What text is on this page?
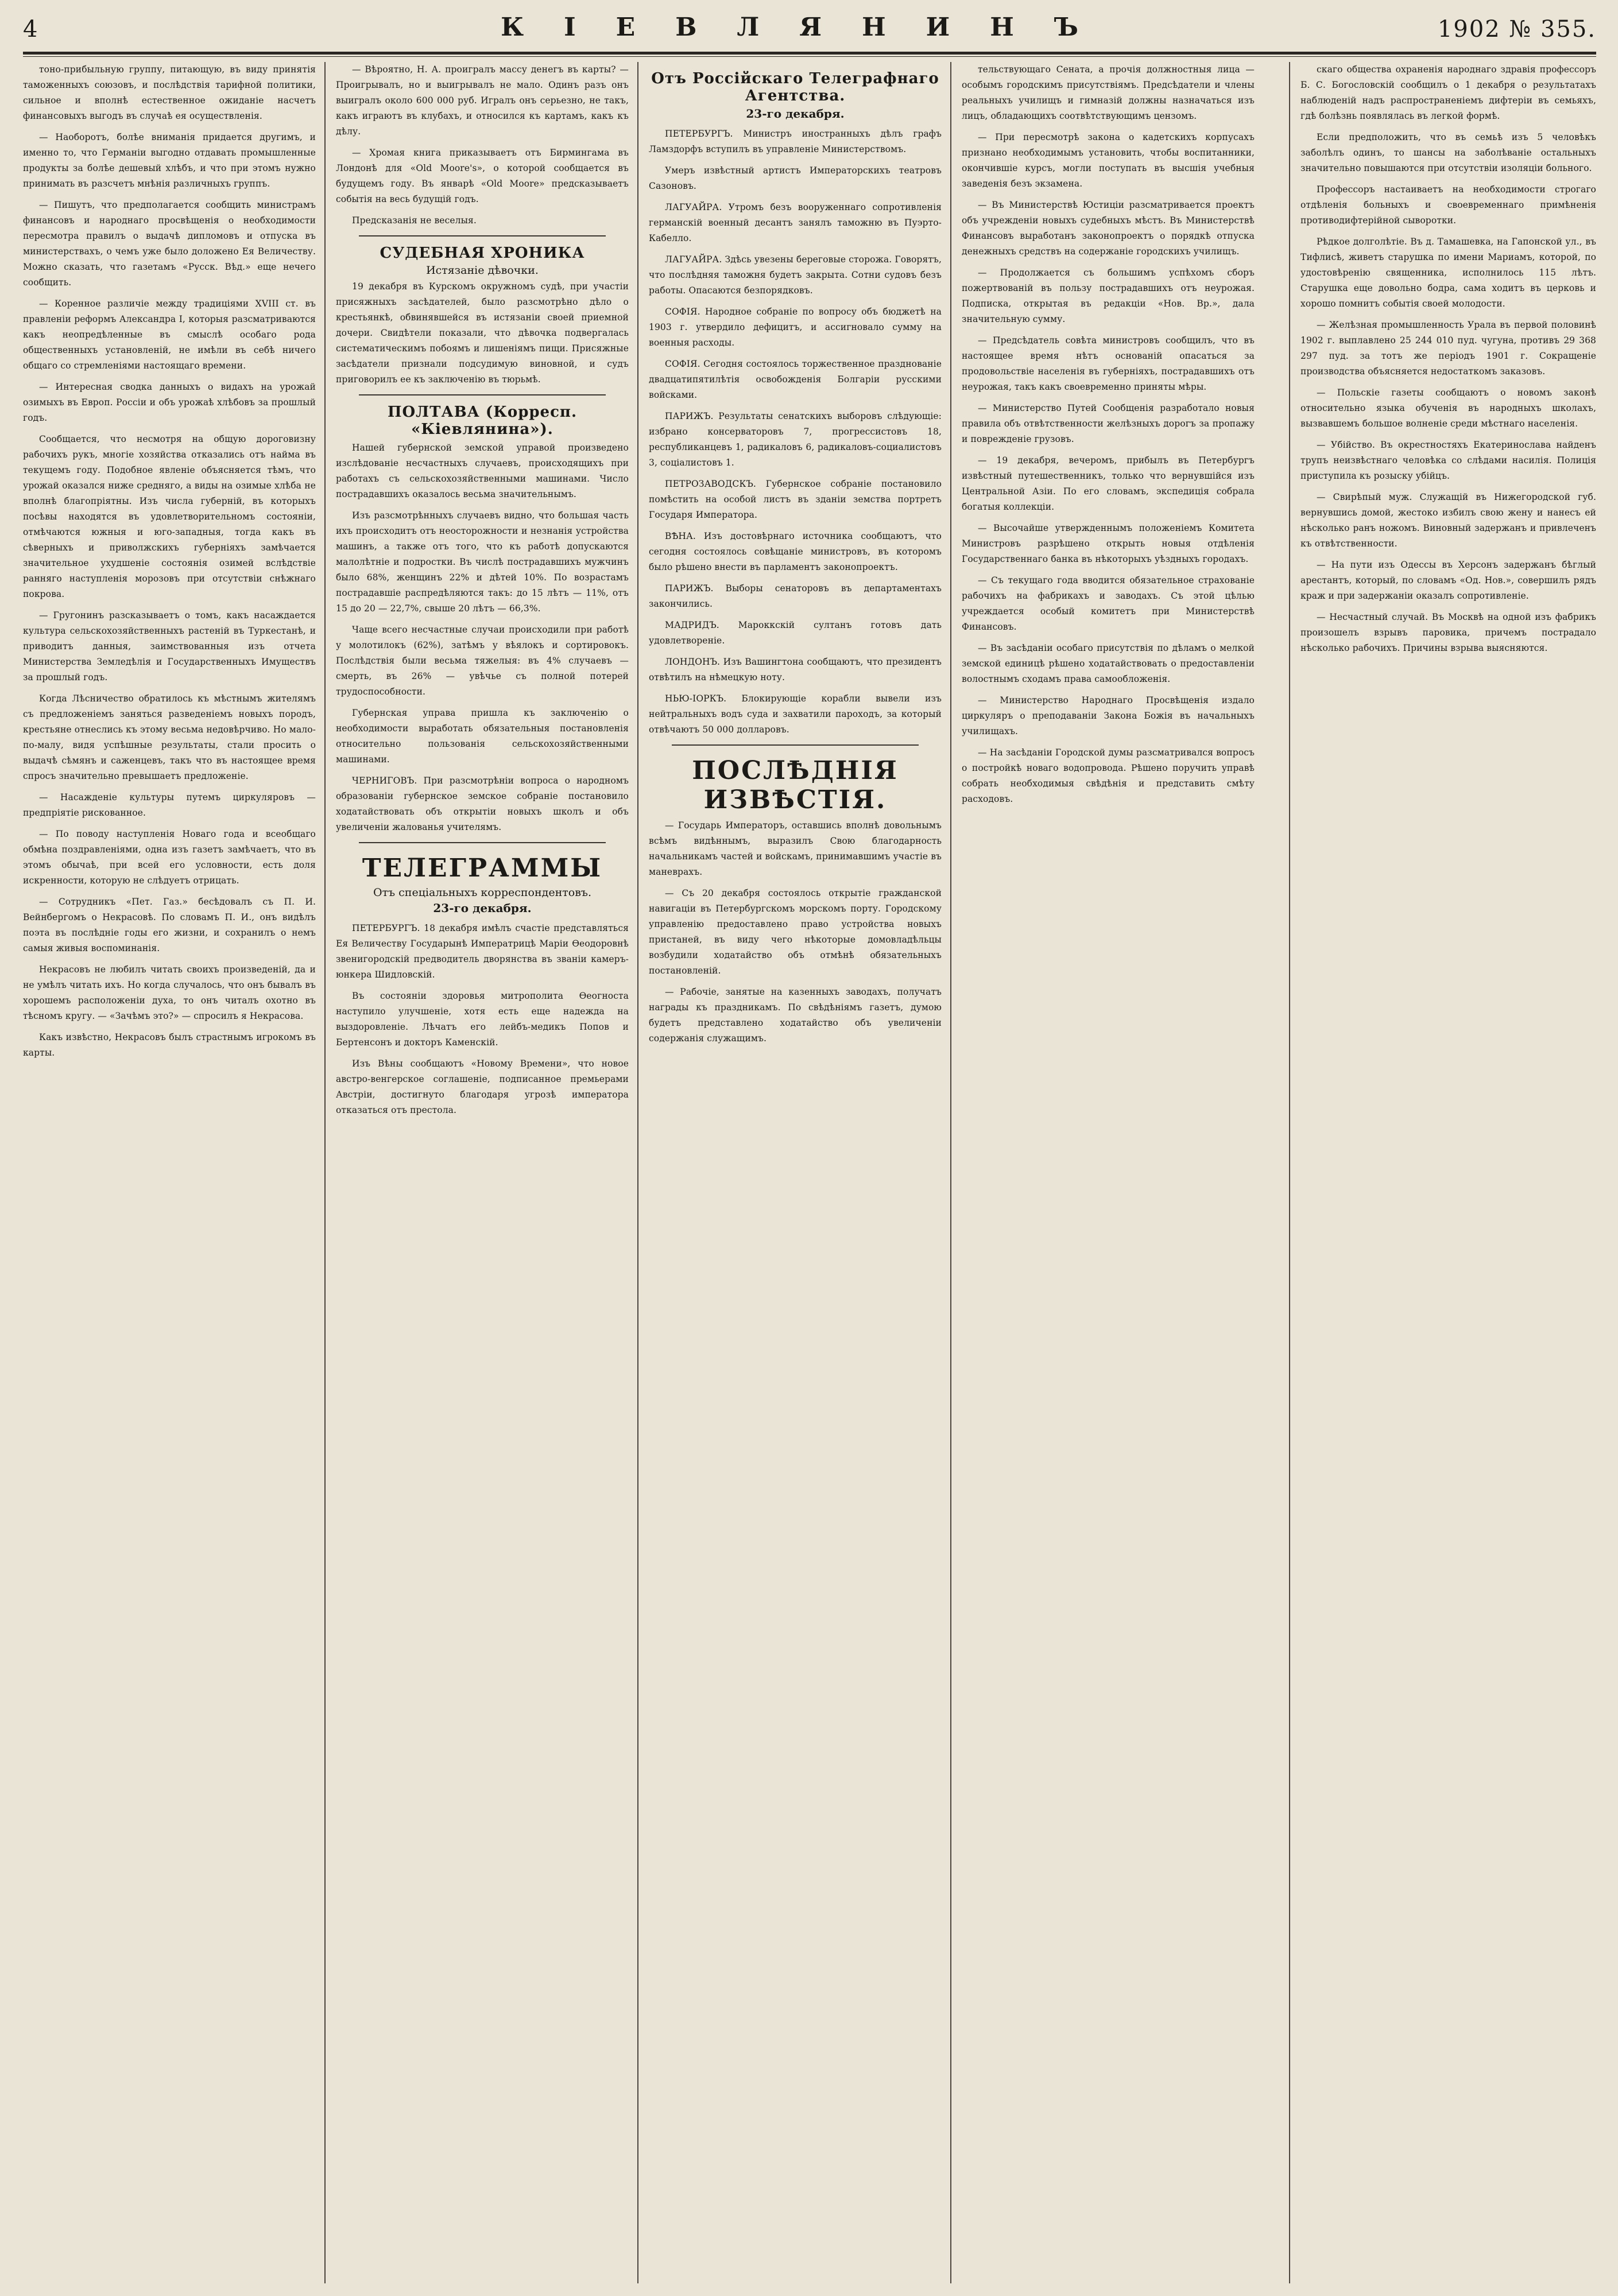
4	КІЕВЛЯНИНЪ	1902 № 355.

тоно-прибыльную группу, питающую, въ виду принятія таможенныхъ союзовъ, и послѣдствія тарифной политики, сильное и вполнѣ естественное ожиданіе насчетъ финансовыхъ выгодъ въ случаѣ ея осуществленія.

— Наоборотъ, болѣе вниманія придается другимъ, и именно то, что Германіи выгодно отдавать промышленные продукты за болѣе дешевый хлѣбъ, и что при этомъ нужно принимать въ разсчетъ мнѣнія различныхъ группъ.

— Пишутъ, что предполагается сообщить министрамъ финансовъ и народнаго просвѣщенія о необходимости пересмотра правилъ о выдачѣ дипломовъ и отпуска въ министерствахъ, о чемъ уже было доложено Ея Величеству. Можно сказать, что газетамъ «Русск. Вѣд.» еще нечего сообщить.

— Коренное различіе между традиціями XVIII ст. въ правленіи реформъ Александра I, которыя разсматриваются какъ неопредѣленные въ смыслѣ особаго рода общественныхъ установленій, не имѣли въ себѣ ничего общаго со стремленіями настоящаго времени.

— Интересная сводка данныхъ о видахъ на урожай озимыхъ въ Европ. Россіи и объ урожаѣ хлѣбовъ за прошлый годъ.

Сообщается, что несмотря на общую дороговизну рабочихъ рукъ, многіе хозяйства отказались отъ найма въ текущемъ году. Подобное явленіе объясняется тѣмъ, что урожай оказался ниже средняго, а виды на озимые хлѣба не вполнѣ благопріятны. Изъ числа губерній, въ которыхъ посѣвы находятся въ удовлетворительномъ состояніи, отмѣчаются южныя и юго-западныя, тогда какъ въ сѣверныхъ и приволжскихъ губерніяхъ замѣчается значительное ухудшеніе состоянія озимей вслѣдствіе ранняго наступленія морозовъ при отсутствіи снѣжнаго покрова.

— Гругонинъ разсказываетъ о томъ, какъ насаждается культура сельскохозяйственныхъ растеній въ Туркестанѣ, и приводитъ данныя, заимствованныя изъ отчета Министерства Земледѣлія и Государственныхъ Имуществъ за прошлый годъ.

Когда Лѣсничество обратилось къ мѣстнымъ жителямъ съ предложеніемъ заняться разведеніемъ новыхъ породъ, крестьяне отнеслись къ этому весьма недовѣрчиво. Но мало-по-малу, видя успѣшные результаты, стали просить о выдачѣ сѣмянъ и саженцевъ, такъ что въ настоящее время спросъ значительно превышаетъ предложеніе.

— Насажденіе культуры путемъ циркуляровъ — предпріятіе рискованное.

— По поводу наступленія Новаго года и всеобщаго обмѣна поздравленіями, одна изъ газетъ замѣчаетъ, что въ этомъ обычаѣ, при всей его условности, есть доля искренности, которую не слѣдуетъ отрицать.

— Сотрудникъ «Пет. Газ.» бесѣдовалъ съ П. И. Вейнбергомъ о Некрасовѣ. По словамъ П. И., онъ видѣлъ поэта въ послѣдніе годы его жизни, и сохранилъ о немъ самыя живыя воспоминанія.

Некрасовъ не любилъ читать своихъ произведеній, да и не умѣлъ читать ихъ. Но когда случалось, что онъ бывалъ въ хорошемъ расположеніи духа, то онъ читалъ охотно въ тѣсномъ кругу. — «Зачѣмъ это?» — спросилъ я Некрасова.

Какъ извѣстно, Некрасовъ былъ страстнымъ игрокомъ въ карты.

— Вѣроятно, Н. А. проигралъ массу денегъ въ карты? — Проигрывалъ, но и выигрывалъ не мало. Одинъ разъ онъ выигралъ около 600 000 руб. Игралъ онъ серьезно, не такъ, какъ играютъ въ клубахъ, и относился къ картамъ, какъ къ дѣлу.

— Хромая книга приказываетъ отъ Бирмингама въ Лондонѣ для «Old Moore's», о которой сообщается въ будущемъ году. Въ январѣ «Old Moore» предсказываетъ событія на весь будущій годъ.

Предсказанія не веселыя.

СУДЕБНАЯ ХРОНИКА
Истязаніе дѣвочки.

19 декабря въ Курскомъ окружномъ судѣ, при участіи присяжныхъ засѣдателей, было разсмотрѣно дѣло о крестьянкѣ, обвинявшейся въ истязаніи своей приемной дочери. Свидѣтели показали, что дѣвочка подвергалась систематическимъ побоямъ и лишеніямъ пищи. Присяжные засѣдатели признали подсудимую виновной, и судъ приговорилъ ее къ заключенію въ тюрьмѣ.

ПОЛТАВА (Корресп. «Кіевлянина»).

Нашей губернской земской управой произведено изслѣдованіе несчастныхъ случаевъ, происходящихъ при работахъ съ сельскохозяйственными машинами. Число пострадавшихъ оказалось весьма значительнымъ.

Изъ разсмотрѣнныхъ случаевъ видно, что большая часть ихъ происходитъ отъ неосторожности и незнанія устройства машинъ, а также отъ того, что къ работѣ допускаются малолѣтніе и подростки. Въ числѣ пострадавшихъ мужчинъ было 68%, женщинъ 22% и дѣтей 10%. По возрастамъ пострадавшіе распредѣляются такъ: до 15 лѣтъ — 11%, отъ 15 до 20 — 22,7%, свыше 20 лѣтъ — 66,3%.

Чаще всего несчастные случаи происходили при работѣ у молотилокъ (62%), затѣмъ у вѣялокъ и сортировокъ. Послѣдствія были весьма тяжелыя: въ 4% случаевъ — смерть, въ 26% — увѣчье съ полной потерей трудоспособности.

Губернская управа пришла къ заключенію о необходимости выработать обязательныя постановленія относительно пользованія сельскохозяйственными машинами.

ЧЕРНИГОВЪ. При разсмотрѣніи вопроса о народномъ образованіи губернское земское собраніе постановило ходатайствовать объ открытіи новыхъ школъ и объ увеличеніи жалованья учителямъ.

ТЕЛЕГРАММЫ
Отъ спеціальныхъ корреспондентовъ.
23-го декабря.

ПЕТЕРБУРГЪ. 18 декабря имѣлъ счастіе представляться Ея Величеству Государынѣ Императрицѣ Маріи Ѳеодоровнѣ звенигородскій предводитель дворянства въ званіи камеръ-юнкера Шидловскій.

Въ состояніи здоровья митрополита Ѳеогноста наступило улучшеніе, хотя есть еще надежда на выздоровленіе. Лѣчатъ его лейбъ-медикъ Попов и Бертенсонъ и докторъ Каменскій.

Изъ Вѣны сообщаютъ «Новому Времени», что новое австро-венгерское соглашеніе, подписанное премьерами Австріи, достигнуто благодаря угрозѣ императора отказаться отъ престола.

Отъ Россійскаго Телеграфнаго Агентства.
23-го декабря.

ПЕТЕРБУРГЪ. Министръ иностранныхъ дѣлъ графъ Ламздорфъ вступилъ въ управленіе Министерствомъ.

Умеръ извѣстный артистъ Императорскихъ театровъ Сазоновъ.

ЛАГУАЙРА. Утромъ безъ вооруженнаго сопротивленія германскій военный десантъ занялъ таможню въ Пуэрто-Кабелло.

ЛАГУАЙРА. Здѣсь увезены береговые сторожа. Говорятъ, что послѣдняя таможня будетъ закрыта. Сотни судовъ безъ работы. Опасаются безпорядковъ.

СОФІЯ. Народное собраніе по вопросу объ бюджетѣ на 1903 г. утвердило дефицитъ, и ассигновало сумму на военныя расходы.

СОФІЯ. Сегодня состоялось торжественное празднованіе двадцатипятилѣтія освобожденія Болгаріи русскими войсками.

ПАРИЖЪ. Результаты сенатскихъ выборовъ слѣдующіе: избрано консерваторовъ 7, прогрессистовъ 18, республиканцевъ 1, радикаловъ 6, радикаловъ-социалистовъ 3, соціалистовъ 1.

ПЕТРОЗАВОДСКЪ. Губернское собраніе постановило помѣстить на особой листъ въ зданіи земства портретъ Государя Императора.

ВѢНА. Изъ достовѣрнаго источника сообщаютъ, что сегодня состоялось совѣщаніе министровъ, въ которомъ было рѣшено внести въ парламентъ законопроектъ.

ПАРИЖЪ. Выборы сенаторовъ въ департаментахъ закончились.

МАДРИДЪ. Мароккскій султанъ готовъ дать удовлетвореніе.

ЛОНДОНЪ. Изъ Вашингтона сообщаютъ, что президентъ отвѣтилъ на нѣмецкую ноту.

НЬЮ-ІОРКЪ. Блокирующіе корабли вывели изъ нейтральныхъ водъ суда и захватили пароходъ, за который отвѣчаютъ 50 000 долларовъ.

ПОСЛѢДНІЯ ИЗВѢСТІЯ.

— Государь Императоръ, оставшись вполнѣ довольнымъ всѣмъ видѣннымъ, выразилъ Свою благодарность начальникамъ частей и войскамъ, принимавшимъ участіе въ маневрахъ.

— Съ 20 декабря состоялось открытіе гражданской навигаціи въ Петербургскомъ морскомъ порту. Городскому управленію предоставлено право устройства новыхъ пристаней, въ виду чего нѣкоторые домовладѣльцы возбудили ходатайство объ отмѣнѣ обязательныхъ постановленій.

— Рабочіе, занятые на казенныхъ заводахъ, получатъ награды къ праздникамъ. По свѣдѣніямъ газетъ, думою будетъ представлено ходатайство объ увеличеніи содержанія служащимъ.

тельствующаго Сената, а прочія должностныя лица — особымъ городскимъ присутствіямъ. Предсѣдатели и члены реальныхъ училищъ и гимназій должны назначаться изъ лицъ, обладающихъ соотвѣтствующимъ цензомъ.

— При пересмотрѣ закона о кадетскихъ корпусахъ признано необходимымъ установить, чтобы воспитанники, окончившіе курсъ, могли поступать въ высшія учебныя заведенія безъ экзамена.

— Въ Министерствѣ Юстиціи разсматривается проектъ объ учрежденіи новыхъ судебныхъ мѣстъ. Въ Министерствѣ Финансовъ выработанъ законопроектъ о порядкѣ отпуска денежныхъ средствъ на содержаніе городскихъ училищъ.

— Продолжается съ большимъ успѣхомъ сборъ пожертвованій въ пользу пострадавшихъ отъ неурожая. Подписка, открытая въ редакціи «Нов. Вр.», дала значительную сумму.

— Предсѣдатель совѣта министровъ сообщилъ, что въ настоящее время нѣтъ основаній опасаться за продовольствіе населенія въ губерніяхъ, пострадавшихъ отъ неурожая, такъ какъ своевременно приняты мѣры.

— Министерство Путей Сообщенія разработало новыя правила объ отвѣтственности желѣзныхъ дорогъ за пропажу и поврежденіе грузовъ.

— 19 декабря, вечеромъ, прибылъ въ Петербургъ извѣстный путешественникъ, только что вернувшійся изъ Центральной Азіи. По его словамъ, экспедиція собрала богатыя коллекціи.

— Высочайше утвержденнымъ положеніемъ Комитета Министровъ разрѣшено открыть новыя отдѣленія Государственнаго банка въ нѣкоторыхъ уѣздныхъ городахъ.

— Съ текущаго года вводится обязательное страхованіе рабочихъ на фабрикахъ и заводахъ. Съ этой цѣлью учреждается особый комитетъ при Министерствѣ Финансовъ.

— Въ засѣданіи особаго присутствія по дѣламъ о мелкой земской единицѣ рѣшено ходатайствовать о предоставленіи волостнымъ сходамъ права самообложенія.

— Министерство Народнаго Просвѣщенія издало циркуляръ о преподаваніи Закона Божія въ начальныхъ училищахъ.

— На засѣданіи Городской думы разсматривался вопросъ о постройкѣ новаго водопровода. Рѣшено поручить управѣ собрать необходимыя свѣдѣнія и представить смѣту расходовъ.

скаго общества охраненія народнаго здравія профессоръ Б. С. Богословскій сообщилъ о 1 декабря о результатахъ наблюденій надъ распространеніемъ дифтеріи въ семьяхъ, гдѣ болѣзнь появлялась въ легкой формѣ.

Если предположить, что въ семьѣ изъ 5 человѣкъ заболѣлъ одинъ, то шансы на заболѣваніе остальныхъ значительно повышаются при отсутствіи изоляціи больного.

Профессоръ настаиваетъ на необходимости строгаго отдѣленія больныхъ и своевременнаго примѣненія противодифтерійной сыворотки.

Рѣдкое долголѣтіе. Въ д. Тамашевка, на Гапонской ул., въ Тифлисѣ, живетъ старушка по имени Мариамъ, которой, по удостовѣренію священника, исполнилось 115 лѣтъ. Старушка еще довольно бодра, сама ходитъ въ церковь и хорошо помнитъ событія своей молодости.

— Желѣзная промышленность Урала въ первой половинѣ 1902 г. выплавлено 25 244 010 пуд. чугуна, противъ 29 368 297 пуд. за тотъ же періодъ 1901 г. Сокращеніе производства объясняется недостаткомъ заказовъ.

— Польскіе газеты сообщаютъ о новомъ законѣ относительно языка обученія въ народныхъ школахъ, вызвавшемъ большое волненіе среди мѣстнаго населенія.

— Убійство. Въ окрестностяхъ Екатеринослава найденъ трупъ неизвѣстнаго человѣка со слѣдами насилія. Полиція приступила къ розыску убійцъ.

— Свирѣпый муж. Служащій въ Нижегородской губ. вернувшись домой, жестоко избилъ свою жену и нанесъ ей нѣсколько ранъ ножомъ. Виновный задержанъ и привлеченъ къ отвѣтственности.

— На пути изъ Одессы въ Херсонъ задержанъ бѣглый арестантъ, который, по словамъ «Од. Нов.», совершилъ рядъ краж и при задержаніи оказалъ сопротивленіе.

— Несчастный случай. Въ Москвѣ на одной изъ фабрикъ произошелъ взрывъ паровика, причемъ пострадало нѣсколько рабочихъ. Причины взрыва выясняются.
